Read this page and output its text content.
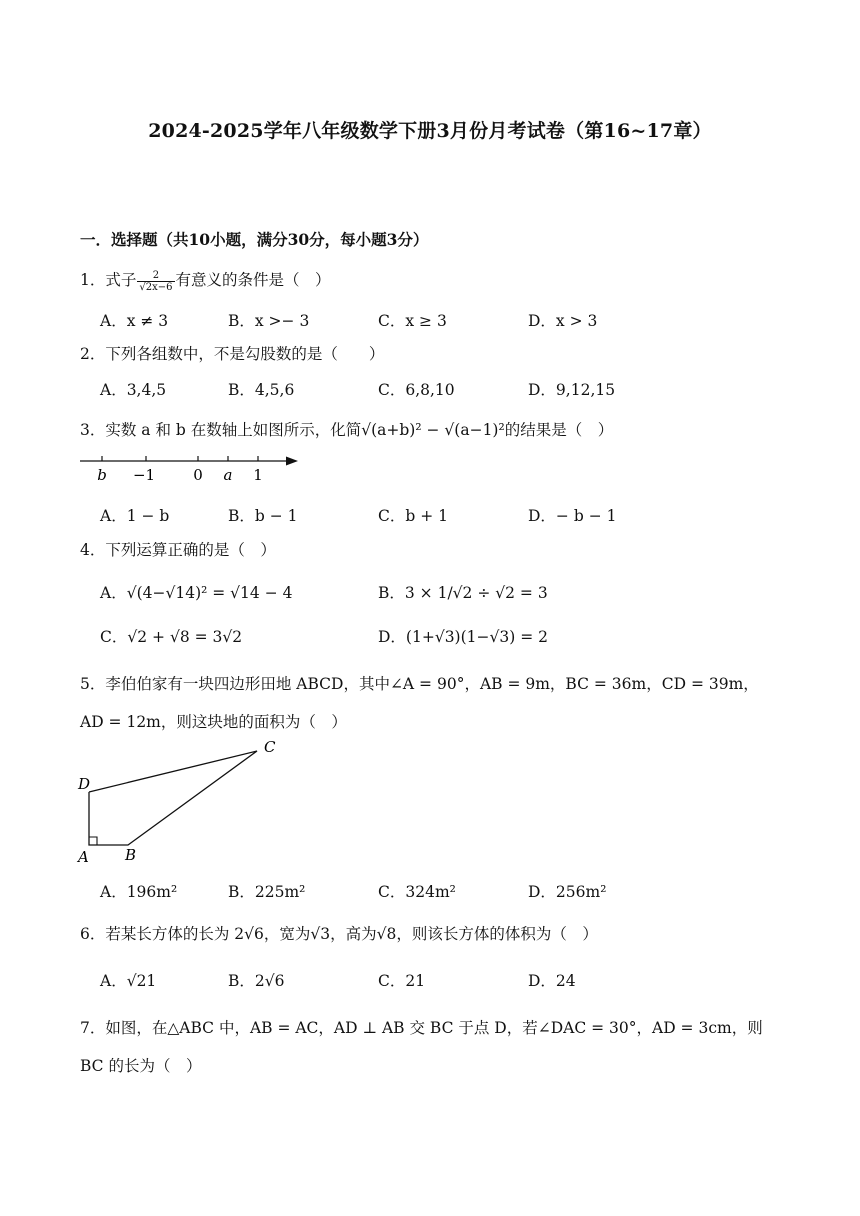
2024-2025学年八年级数学下册3月份月考试卷（第16~17章）
一．选择题（共10小题，满分30分，每小题3分）
1．式子 $\frac{2}{√2x-6}$ 有意义的条件是（　）
A．x ≠ 3	B．x >− 3	C．x ≥ 3	D．x > 3
2．下列各组数中，不是勾股数的是（　　）
A．3,4,5	B．4,5,6	C．6,8,10	D．9,12,15
3．实数 a 和 b 在数轴上如图所示，化简√(a+b)² − √(a−1)²的结果是（　）
b −1	0 a 1
A．1 − b	B．b − 1	C．b + 1	D．− b − 1
4．下列运算正确的是（　）
A．√(4−√14)² = √14 − 4	B．3 × 1/√2 ÷ √2 = 3
C．√2 + √8 = 3√2	D．(1+√3)(1−√3) = 2
5．李伯伯家有一块四边形田地 ABCD，其中∠A = 90°，AB = 9m，BC = 36m，CD = 39m，
AD = 12m，则这块地的面积为（　）
C
D
A B
A．196m²	B．225m²	C．324m²	D．256m²
6．若某长方体的长为 2√6，宽为√3，高为√8，则该长方体的体积为（　）
A．√21	B．2√6	C．21	D．24
7．如图，在△ABC 中，AB = AC，AD ⊥ AB 交 BC 于点 D，若∠DAC = 30°，AD = 3cm，则
BC 的长为（　）
